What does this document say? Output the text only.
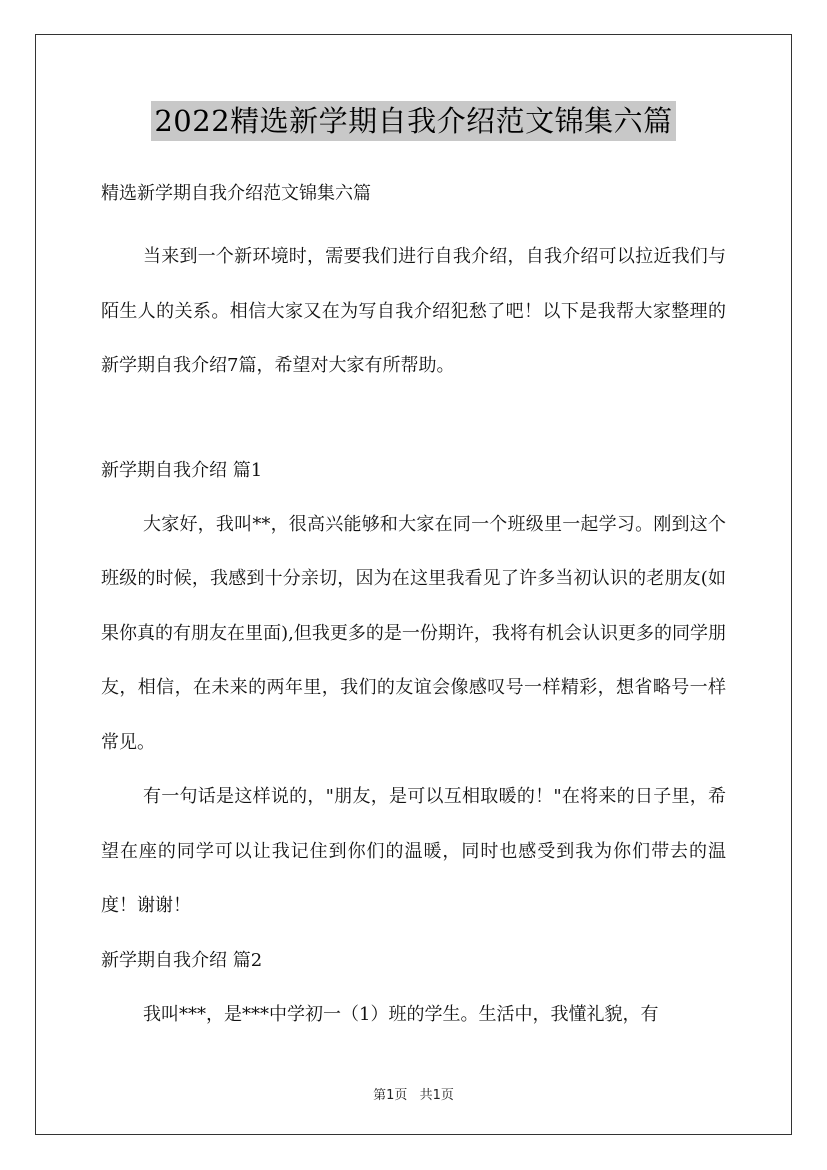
2022精选新学期自我介绍范文锦集六篇
精选新学期自我介绍范文锦集六篇

当来到一个新环境时，需要我们进行自我介绍，自我介绍可以拉近我们与陌生人的关系。相信大家又在为写自我介绍犯愁了吧！以下是我帮大家整理的新学期自我介绍7篇，希望对大家有所帮助。

新学期自我介绍 篇1

大家好，我叫**，很高兴能够和大家在同一个班级里一起学习。刚到这个班级的时候，我感到十分亲切，因为在这里我看见了许多当初认识的老朋友(如果你真的有朋友在里面),但我更多的是一份期许，我将有机会认识更多的同学朋友，相信，在未来的两年里，我们的友谊会像感叹号一样精彩，想省略号一样常见。

有一句话是这样说的，"朋友，是可以互相取暖的！"在将来的日子里，希望在座的同学可以让我记住到你们的温暖，同时也感受到我为你们带去的温度！谢谢！

新学期自我介绍 篇2

我叫***，是***中学初一（1）班的学生。生活中，我懂礼貌，有

第1页 共1页
